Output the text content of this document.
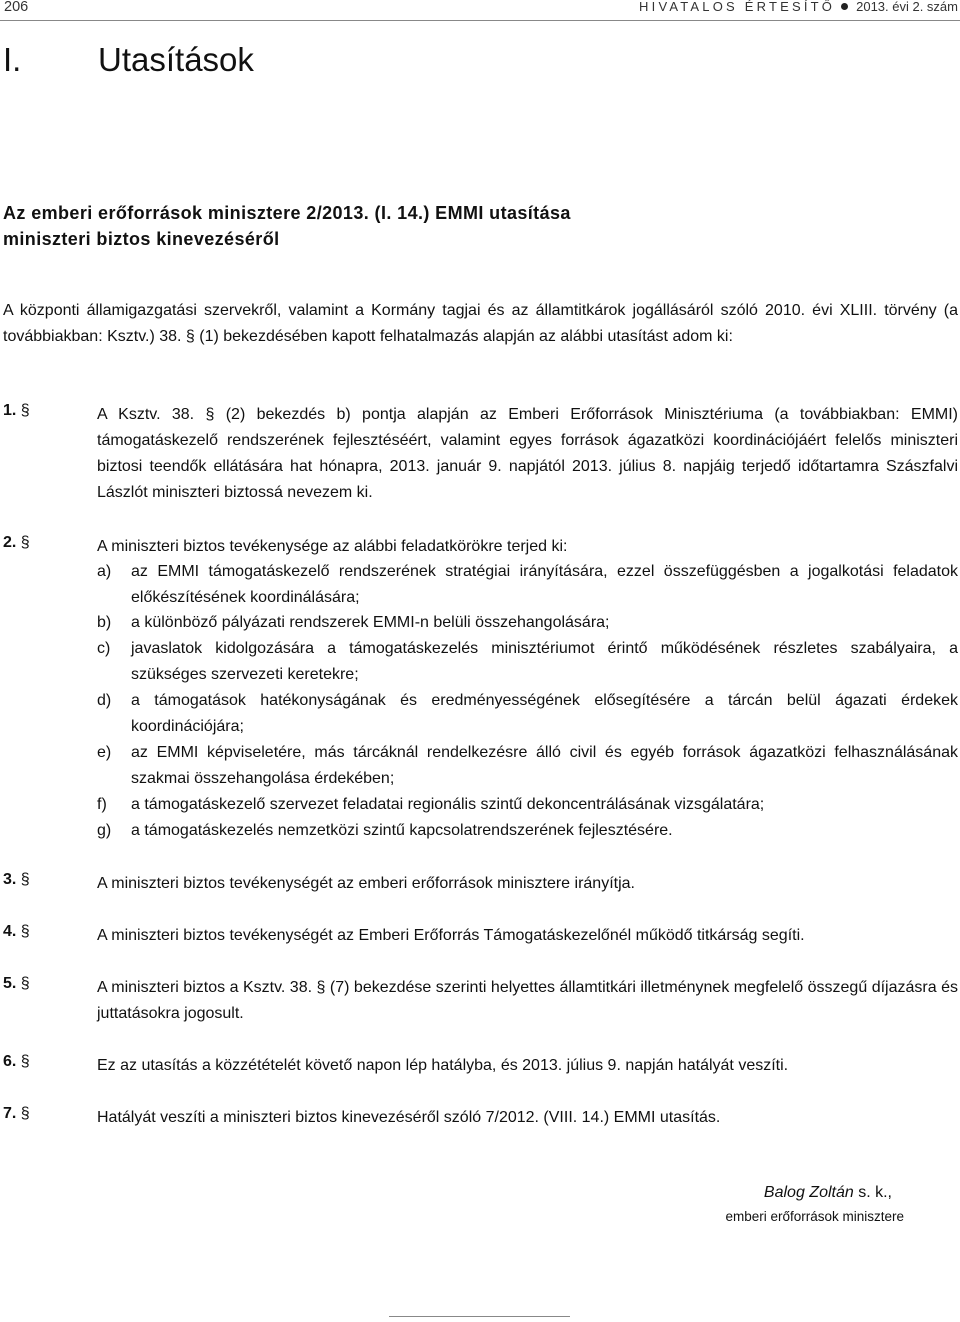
206	HIVATALOS ÉRTESÍTŐ 2013. évi 2. szám
I. Utasítások
Az emberi erőforrások minisztere 2/2013. (I. 14.) EMMI utasítása
miniszteri biztos kinevezéséről
A központi államigazgatási szervekről, valamint a Kormány tagjai és az államtitkárok jogállásáról szóló 2010. évi XLIII. törvény (a továbbiakban: Ksztv.) 38. § (1) bekezdésében kapott felhatalmazás alapján az alábbi utasítást adom ki:
1. §	A Ksztv. 38. § (2) bekezdés b) pontja alapján az Emberi Erőforrások Minisztériuma (a továbbiakban: EMMI) támogatáskezelő rendszerének fejlesztéséért, valamint egyes források ágazatközi koordinációjáért felelős miniszteri biztosi teendők ellátására hat hónapra, 2013. január 9. napjától 2013. július 8. napjáig terjedő időtartamra Szászfalvi Lászlót miniszteri biztossá nevezem ki.
2. §	A miniszteri biztos tevékenysége az alábbi feladatkörökre terjed ki:
a) az EMMI támogatáskezelő rendszerének stratégiai irányítására, ezzel összefüggésben a jogalkotási feladatok előkészítésének koordinálására;
b) a különböző pályázati rendszerek EMMI-n belüli összehangolására;
c) javaslatok kidolgozására a támogatáskezelés minisztériumot érintő működésének részletes szabályaira, a szükséges szervezeti keretekre;
d) a támogatások hatékonyságának és eredményességének elősegítésére a tárcán belül ágazati érdekek koordinációjára;
e) az EMMI képviseletére, más tárcáknál rendelkezésre álló civil és egyéb források ágazatközi felhasználásának szakmai összehangolása érdekében;
f) a támogatáskezelő szervezet feladatai regionális szintű dekoncentrálásának vizsgálatára;
g) a támogatáskezelés nemzetközi szintű kapcsolatrendszerének fejlesztésére.
3. §	A miniszteri biztos tevékenységét az emberi erőforrások minisztere irányítja.
4. §	A miniszteri biztos tevékenységét az Emberi Erőforrás Támogatáskezelőnél működő titkárság segíti.
5. §	A miniszteri biztos a Ksztv. 38. § (7) bekezdése szerinti helyettes államtitkári illetménynek megfelelő összegű díjazásra és juttatásokra jogosult.
6. §	Ez az utasítás a közzétételét követő napon lép hatályba, és 2013. július 9. napján hatályát veszíti.
7. §	Hatályát veszíti a miniszteri biztos kinevezéséről szóló 7/2012. (VIII. 14.) EMMI utasítás.
Balog Zoltán s. k.,
emberi erőforrások minisztere
